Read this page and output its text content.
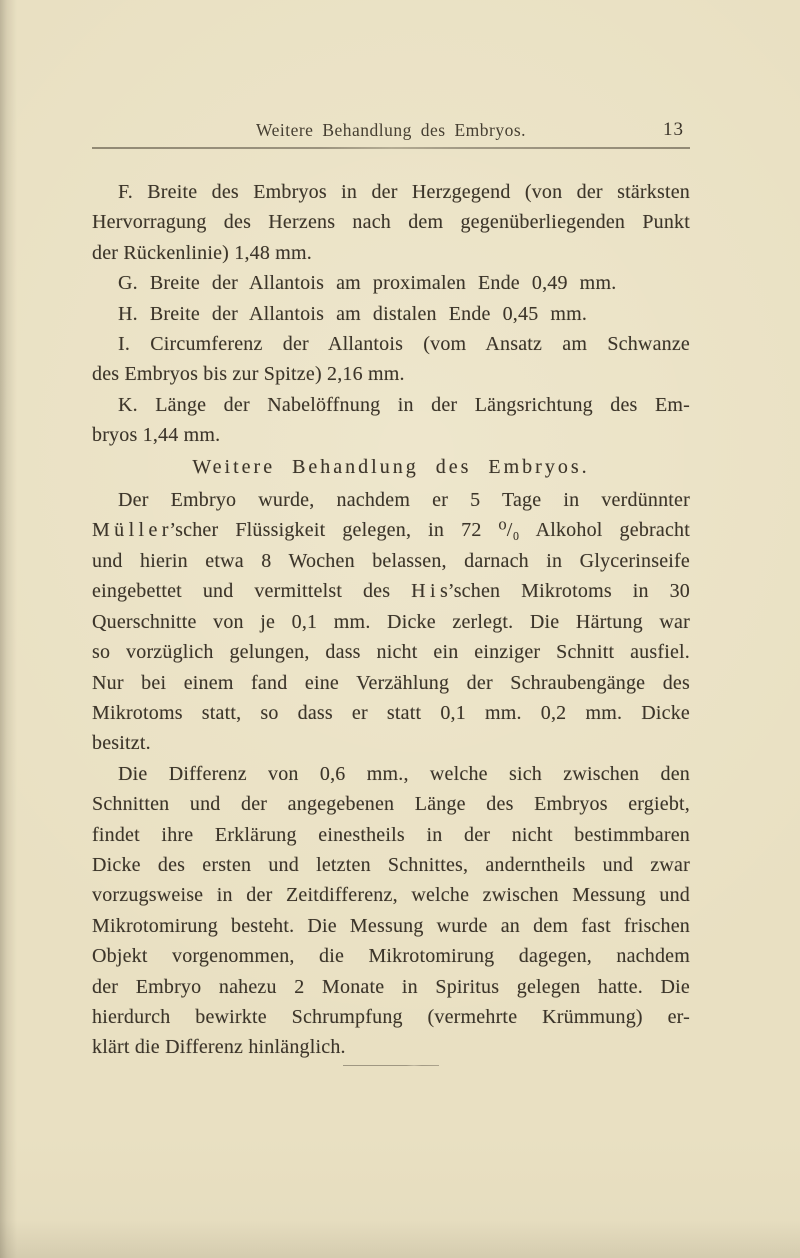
Weitere Behandlung des Embryos.	13
F. Breite des Embryos in der Herzgegend (von der stärksten
Hervorragung des Herzens nach dem gegenüberliegenden Punkt
der Rückenlinie) 1,48 mm.
G. Breite der Allantois am proximalen Ende 0,49 mm.
H. Breite der Allantois am distalen Ende 0,45 mm.
I. Circumferenz der Allantois (vom Ansatz am Schwanze
des Embryos bis zur Spitze) 2,16 mm.
K. Länge der Nabelöffnung in der Längsrichtung des Em-
bryos 1,44 mm.
Weitere Behandlung des Embryos.
Der Embryo wurde, nachdem er 5 Tage in verdünnter
M ü l l e r’scher Flüssigkeit gelegen, in 72 ⁰/₀ Alkohol gebracht
und hierin etwa 8 Wochen belassen, darnach in Glycerinseife
eingebettet und vermittelst des H i s’schen Mikrotoms in 30
Querschnitte von je 0,1 mm. Dicke zerlegt. Die Härtung war
so vorzüglich gelungen, dass nicht ein einziger Schnitt ausfiel.
Nur bei einem fand eine Verzählung der Schraubengänge des
Mikrotoms statt, so dass er statt 0,1 mm. 0,2 mm. Dicke
besitzt.
Die Differenz von 0,6 mm., welche sich zwischen den
Schnitten und der angegebenen Länge des Embryos ergiebt,
findet ihre Erklärung einestheils in der nicht bestimmbaren
Dicke des ersten und letzten Schnittes, anderntheils und zwar
vorzugsweise in der Zeitdifferenz, welche zwischen Messung und
Mikrotomirung besteht. Die Messung wurde an dem fast frischen
Objekt vorgenommen, die Mikrotomirung dagegen, nachdem
der Embryo nahezu 2 Monate in Spiritus gelegen hatte. Die
hierdurch bewirkte Schrumpfung (vermehrte Krümmung) er-
klärt die Differenz hinlänglich.
